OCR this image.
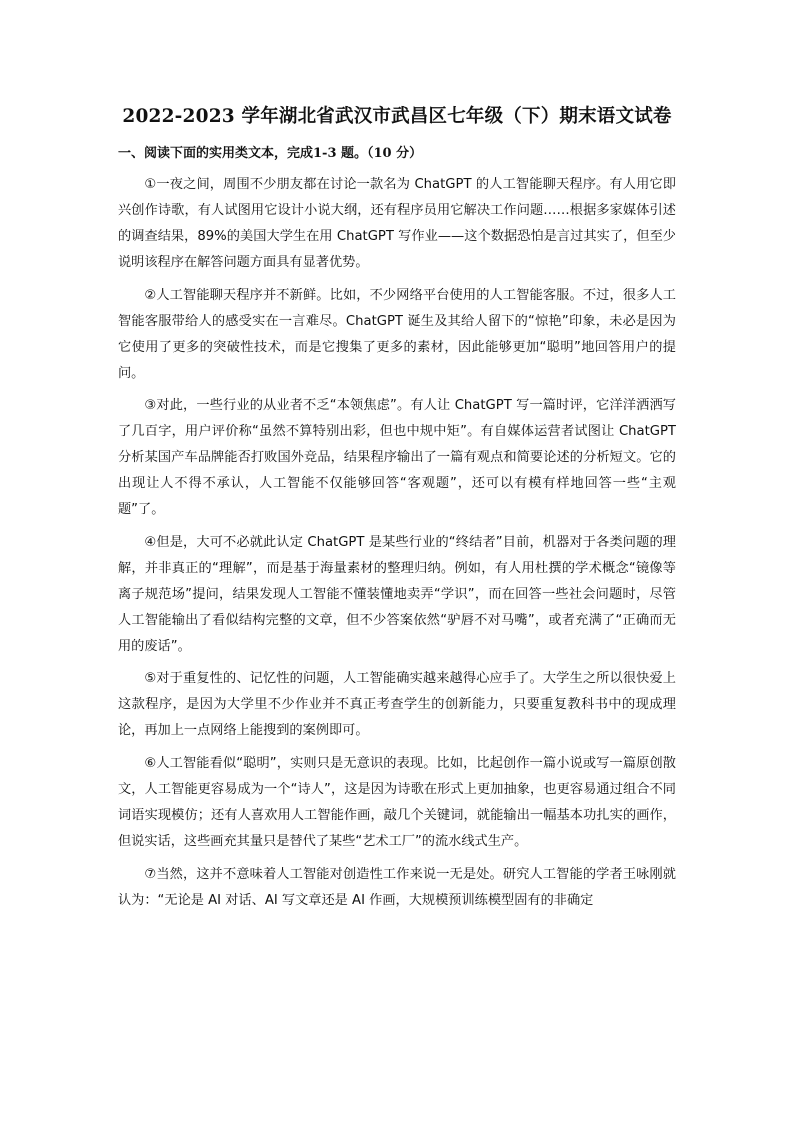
2022-2023 学年湖北省武汉市武昌区七年级（下）期末语文试卷
一、阅读下面的实用类文本，完成1-3 题。（10 分）

①一夜之间，周围不少朋友都在讨论一款名为 ChatGPT 的人工智能聊天程序。有人用它即兴创作诗歌，有人试图用它设计小说大纲，还有程序员用它解决工作问题……根据多家媒体引述的调查结果，89%的美国大学生在用 ChatGPT 写作业——这个数据恐怕是言过其实了，但至少说明该程序在解答问题方面具有显著优势。

②人工智能聊天程序并不新鲜。比如，不少网络平台使用的人工智能客服。不过，很多人工智能客服带给人的感受实在一言难尽。ChatGPT 诞生及其给人留下的“惊艳”印象，未必是因为它使用了更多的突破性技术，而是它搜集了更多的素材，因此能够更加“聪明”地回答用户的提问。

③对此，一些行业的从业者不乏“本领焦虑”。有人让 ChatGPT 写一篇时评，它洋洋洒洒写了几百字，用户评价称“虽然不算特别出彩，但也中规中矩”。有自媒体运营者试图让 ChatGPT 分析某国产车品牌能否打败国外竞品，结果程序输出了一篇有观点和简要论述的分析短文。它的出现让人不得不承认，人工智能不仅能够回答“客观题”，还可以有模有样地回答一些“主观题”了。

④但是，大可不必就此认定 ChatGPT 是某些行业的“终结者”目前，机器对于各类问题的理解，并非真正的“理解”，而是基于海量素材的整理归纳。例如，有人用杜撰的学术概念“镜像等离子规范场”提问，结果发现人工智能不懂装懂地卖弄“学识”，而在回答一些社会问题时，尽管人工智能输出了看似结构完整的文章，但不少答案依然“驴唇不对马嘴”，或者充满了“正确而无用的废话”。

⑤对于重复性的、记忆性的问题，人工智能确实越来越得心应手了。大学生之所以很快爱上这款程序，是因为大学里不少作业并不真正考查学生的创新能力，只要重复教科书中的现成理论，再加上一点网络上能搜到的案例即可。

⑥人工智能看似“聪明”，实则只是无意识的表现。比如，比起创作一篇小说或写一篇原创散文，人工智能更容易成为一个“诗人”，这是因为诗歌在形式上更加抽象，也更容易通过组合不同词语实现模仿；还有人喜欢用人工智能作画，敲几个关键词，就能输出一幅基本功扎实的画作，但说实话，这些画充其量只是替代了某些“艺术工厂”的流水线式生产。

⑦当然，这并不意味着人工智能对创造性工作来说一无是处。研究人工智能的学者王咏刚就认为：“无论是 AI 对话、AI 写文章还是 AI 作画，大规模预训练模型固有的非确定
